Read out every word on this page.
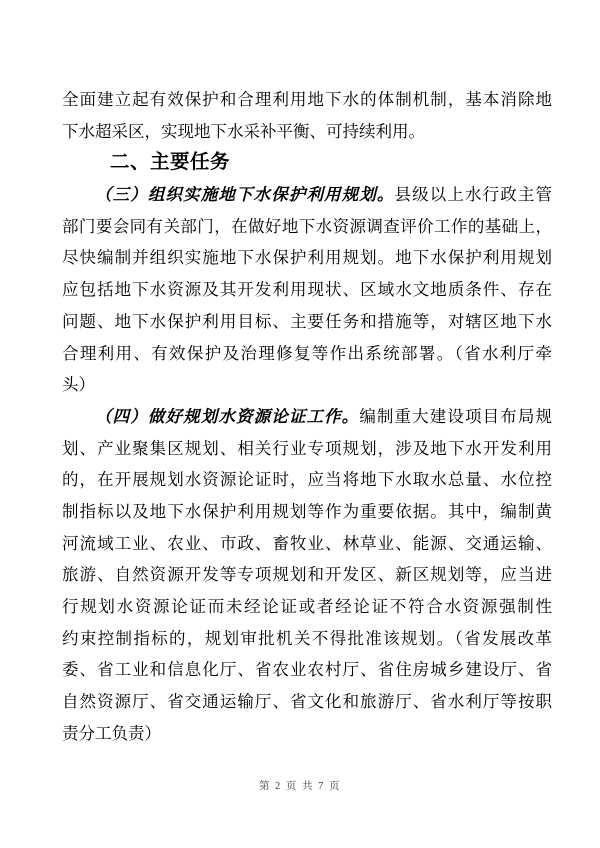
全面建立起有效保护和合理利用地下水的体制机制，基本消除地
下水超采区，实现地下水采补平衡、可持续利用。
二、主要任务
（三）组织实施地下水保护利用规划。县级以上水行政主管
部门要会同有关部门，在做好地下水资源调查评价工作的基础上，
尽快编制并组织实施地下水保护利用规划。地下水保护利用规划
应包括地下水资源及其开发利用现状、区域水文地质条件、存在
问题、地下水保护利用目标、主要任务和措施等，对辖区地下水
合理利用、有效保护及治理修复等作出系统部署。（省水利厅牵
头）
（四）做好规划水资源论证工作。编制重大建设项目布局规
划、产业聚集区规划、相关行业专项规划，涉及地下水开发利用
的，在开展规划水资源论证时，应当将地下水取水总量、水位控
制指标以及地下水保护利用规划等作为重要依据。其中，编制黄
河流域工业、农业、市政、畜牧业、林草业、能源、交通运输、
旅游、自然资源开发等专项规划和开发区、新区规划等，应当进
行规划水资源论证而未经论证或者经论证不符合水资源强制性
约束控制指标的，规划审批机关不得批准该规划。（省发展改革
委、省工业和信息化厅、省农业农村厅、省住房城乡建设厅、省
自然资源厅、省交通运输厅、省文化和旅游厅、省水利厅等按职
责分工负责）
第 2 页 共 7 页
